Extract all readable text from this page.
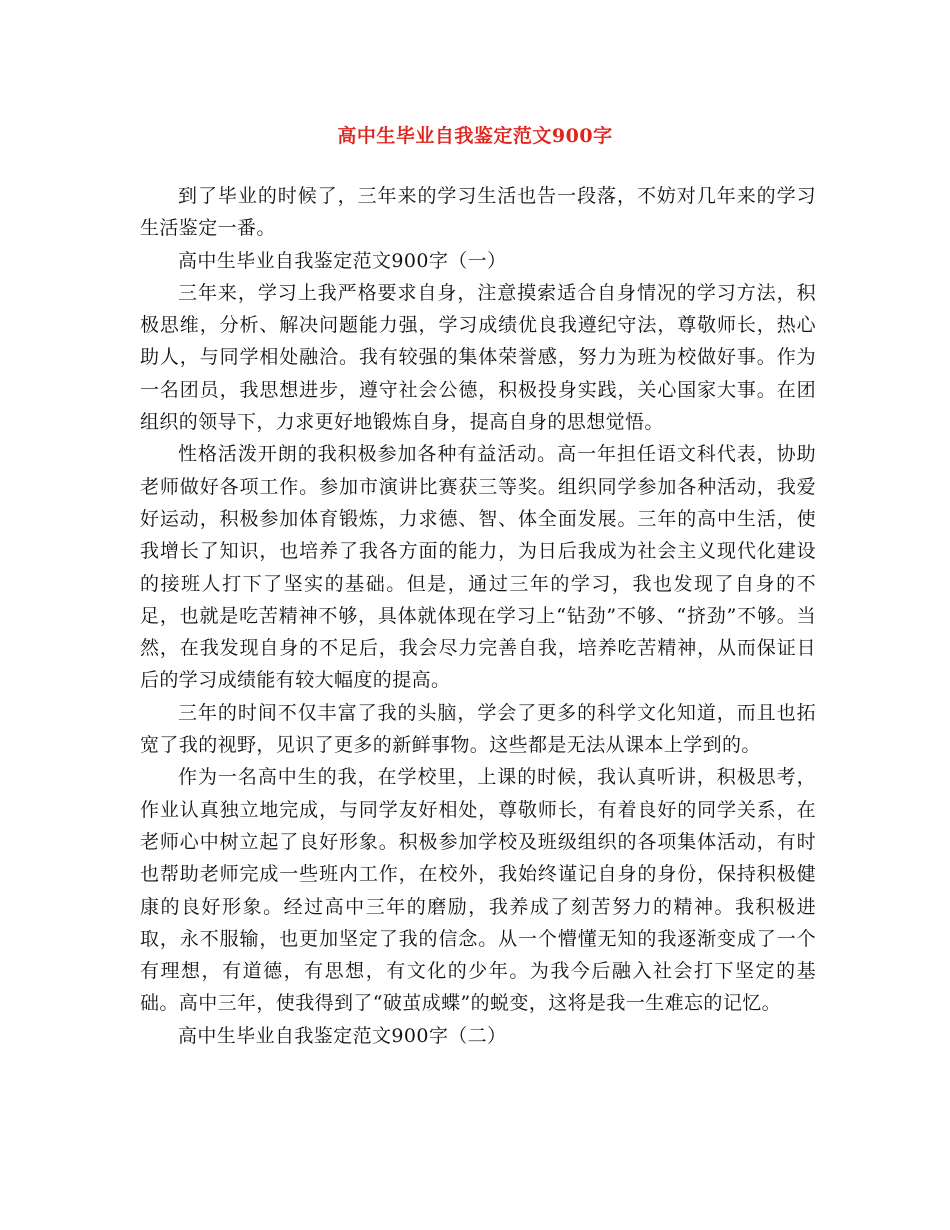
高中生毕业自我鉴定范文900字

到了毕业的时候了，三年来的学习生活也告一段落，不妨对几年来的学习生活鉴定一番。

高中生毕业自我鉴定范文900字（一）

三年来，学习上我严格要求自身，注意摸索适合自身情况的学习方法，积极思维，分析、解决问题能力强，学习成绩优良我遵纪守法，尊敬师长，热心助人，与同学相处融洽。我有较强的集体荣誉感，努力为班为校做好事。作为一名团员，我思想进步，遵守社会公德，积极投身实践，关心国家大事。在团组织的领导下，力求更好地锻炼自身，提高自身的思想觉悟。

性格活泼开朗的我积极参加各种有益活动。高一年担任语文科代表，协助老师做好各项工作。参加市演讲比赛获三等奖。组织同学参加各种活动，我爱好运动，积极参加体育锻炼，力求德、智、体全面发展。三年的高中生活，使我增长了知识，也培养了我各方面的能力，为日后我成为社会主义现代化建设的接班人打下了坚实的基础。但是，通过三年的学习，我也发现了自身的不足，也就是吃苦精神不够，具体就体现在学习上“钻劲”不够、“挤劲”不够。当然，在我发现自身的不足后，我会尽力完善自我，培养吃苦精神，从而保证日后的学习成绩能有较大幅度的提高。

三年的时间不仅丰富了我的头脑，学会了更多的科学文化知道，而且也拓宽了我的视野，见识了更多的新鲜事物。这些都是无法从课本上学到的。

作为一名高中生的我，在学校里，上课的时候，我认真听讲，积极思考，作业认真独立地完成，与同学友好相处，尊敬师长，有着良好的同学关系，在老师心中树立起了良好形象。积极参加学校及班级组织的各项集体活动，有时也帮助老师完成一些班内工作，在校外，我始终谨记自身的身份，保持积极健康的良好形象。经过高中三年的磨励，我养成了刻苦努力的精神。我积极进取，永不服输，也更加坚定了我的信念。从一个懵懂无知的我逐渐变成了一个有理想，有道德，有思想，有文化的少年。为我今后融入社会打下坚定的基础。高中三年，使我得到了“破茧成蝶”的蜕变，这将是我一生难忘的记忆。

高中生毕业自我鉴定范文900字（二）
